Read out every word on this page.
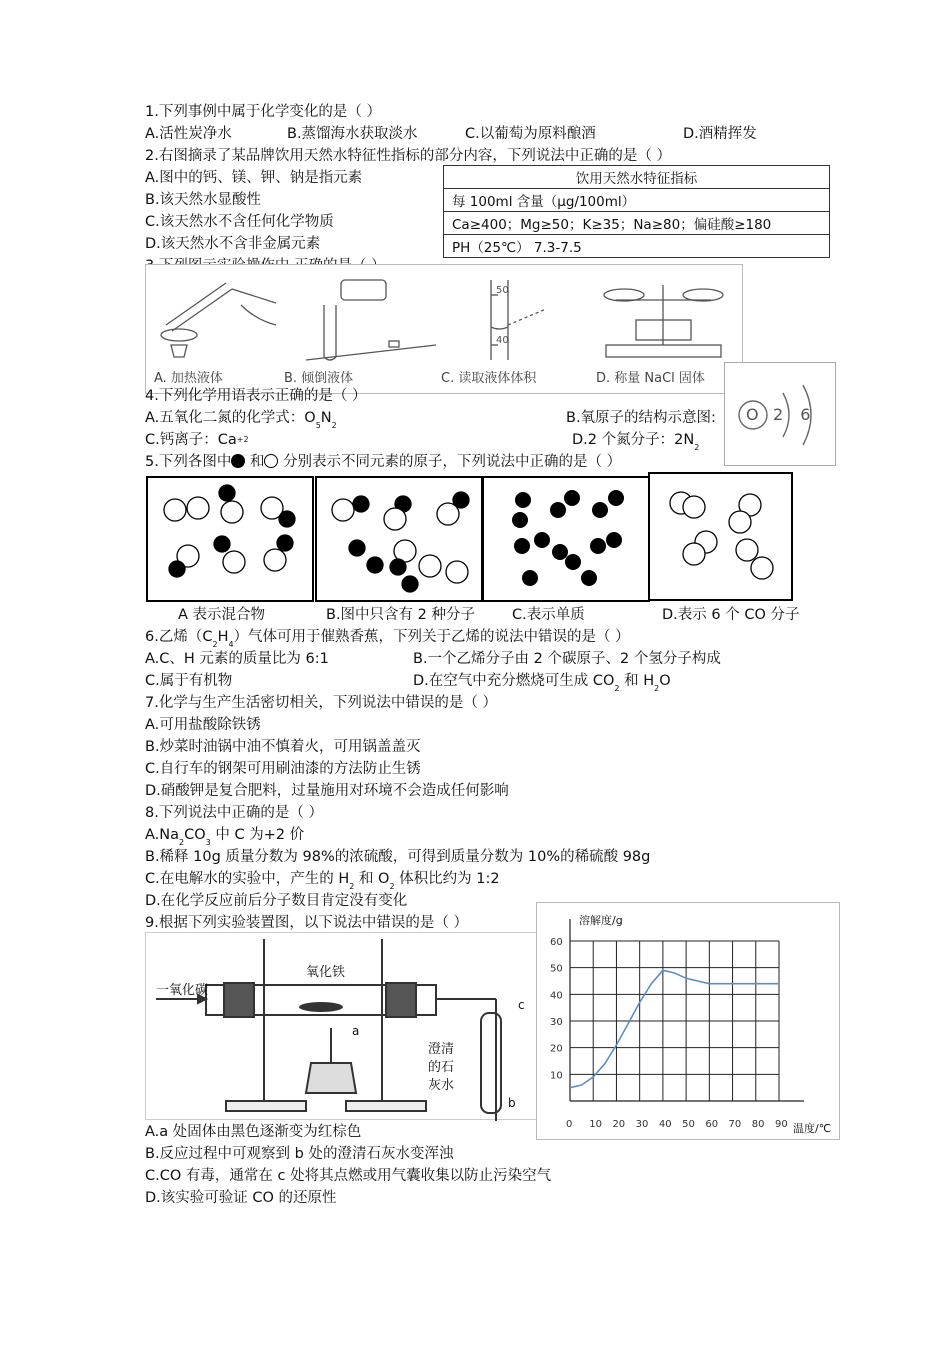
1.下列事例中属于化学变化的是（ ）
A.活性炭净水	B.蒸馏海水获取淡水	C.以葡萄为原料酿酒	D.酒精挥发
2.右图摘录了某品牌饮用天然水特征性指标的部分内容，下列说法中正确的是（ ）
A.图中的钙、镁、钾、钠是指元素
B.该天然水显酸性
C.该天然水不含任何化学物质
D.该天然水不含非金属元素
饮用天然水特征指标
每 100ml 含量（μg/100ml）
Ca≥400；Mg≥50；K≥35；Na≥80；偏硅酸≥180
PH（25℃） 7.3-7.5
50
40
A. 加热液体	B. 倾倒液体	C. 读取液体体积	D. 称量 NaCl 固体
O 2 6
4.下列化学用语表示正确的是（ ）
A.五氧化二氮的化学式：$O_5N_2$	B.氧原子的结构示意图:
C.钙离子：Ca+2	D.2 个氮分子：$2N_2$
5.下列各图中 和 分别表示不同元素的原子，下列说法中正确的是（ ）
A 表示混合物	B.图中只含有 2 种分子	C.表示单质	D.表示 6 个 CO 分子
6.乙烯$(C_2H_4)$气体可用于催熟香蕉，下列关于乙烯的说法中错误的是（ ）
A.C、H 元素的质量比为 6:1	B.一个乙烯分子由 2 个碳原子、2 个氢分子构成
C.属于有机物	D.在空气中充分燃烧可生成 $CO_2$ 和 $H_2O$
7.化学与生产生活密切相关，下列说法中错误的是（ ）
A.可用盐酸除铁锈
B.炒菜时油锅中油不慎着火，可用锅盖盖灭
C.自行车的钢架可用刷油漆的方法防止生锈
D.硝酸钾是复合肥料，过量施用对环境不会造成任何影响
8.下列说法中正确的是（ ）
$A.Na_2CO_3$ 中 C 为+2 价
B.稀释 10g 质量分数为 98%的浓硫酸，可得到质量分数为 10%的稀硫酸 98g
C.在电解水的实验中，产生的 $H_2$ 和 $O_2$ 体积比约为 1:2
D.在化学反应前后分子数目肯定没有变化
9.根据下列实验装置图，以下说法中错误的是（ ）
一氧化碳
氧化铁
a
b
c
澄清
的石
灰水
0 10 20 30 40 50 60 70 80 90
10
20
30
40
50
60
溶解度/g
温度/℃
A.a 处固体由黑色逐渐变为红棕色
B.反应过程中可观察到 b 处的澄清石灰水变浑浊
C.CO 有毒，通常在 c 处将其点燃或用气囊收集以防止污染空气
D.该实验可验证 CO 的还原性
